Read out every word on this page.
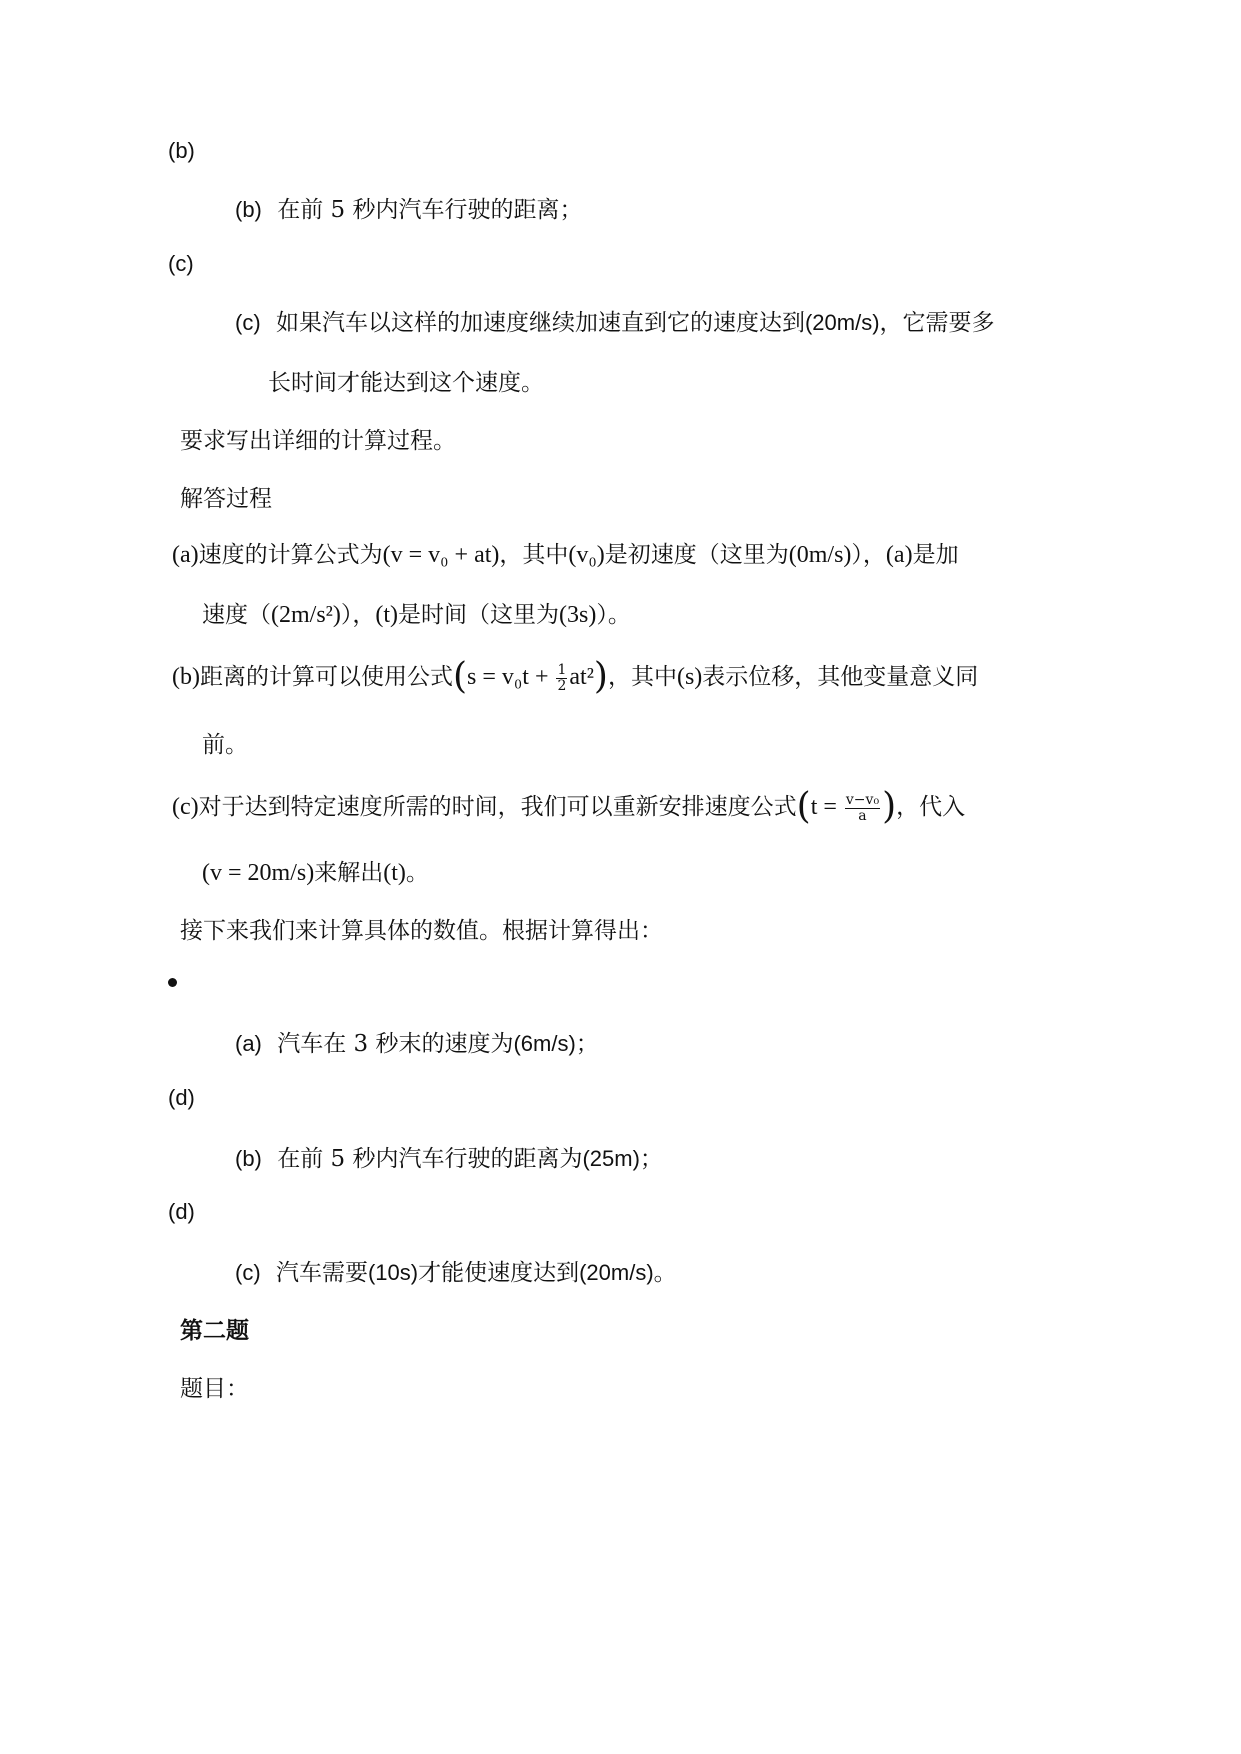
(b)
(b) 在前 5 秒内汽车行驶的距离；
(c)
(c) 如果汽车以这样的加速度继续加速直到它的速度达到(20m/s)，它需要多
长时间才能达到这个速度。
要求写出详细的计算过程。
解答过程
(a)速度的计算公式为(v = v₀ + at)，其中(v₀)是初速度（这里为(0m/s)），(a)是加
速度（(2m/s²)），(t)是时间（这里为(3s)）。
(b)距离的计算可以使用公式$(s = v_0t + \frac{1}{2} at^2)$，其中(s)表示位移，其他变量意义同
前。
(c)对于达到特定速度所需的时间，我们可以重新安排速度公式($t = \frac{\text{v−v₀}}{a}$ )，代入
(v = 20m/s)来解出(t)。
接下来我们来计算具体的数值。根据计算得出：
(a) 汽车在 3 秒末的速度为(6m/s)；
(d)
(b) 在前 5 秒内汽车行驶的距离为(25m)；
(d)
(c) 汽车需要(10s)才能使速度达到(20m/s)。
第二题
题目：
